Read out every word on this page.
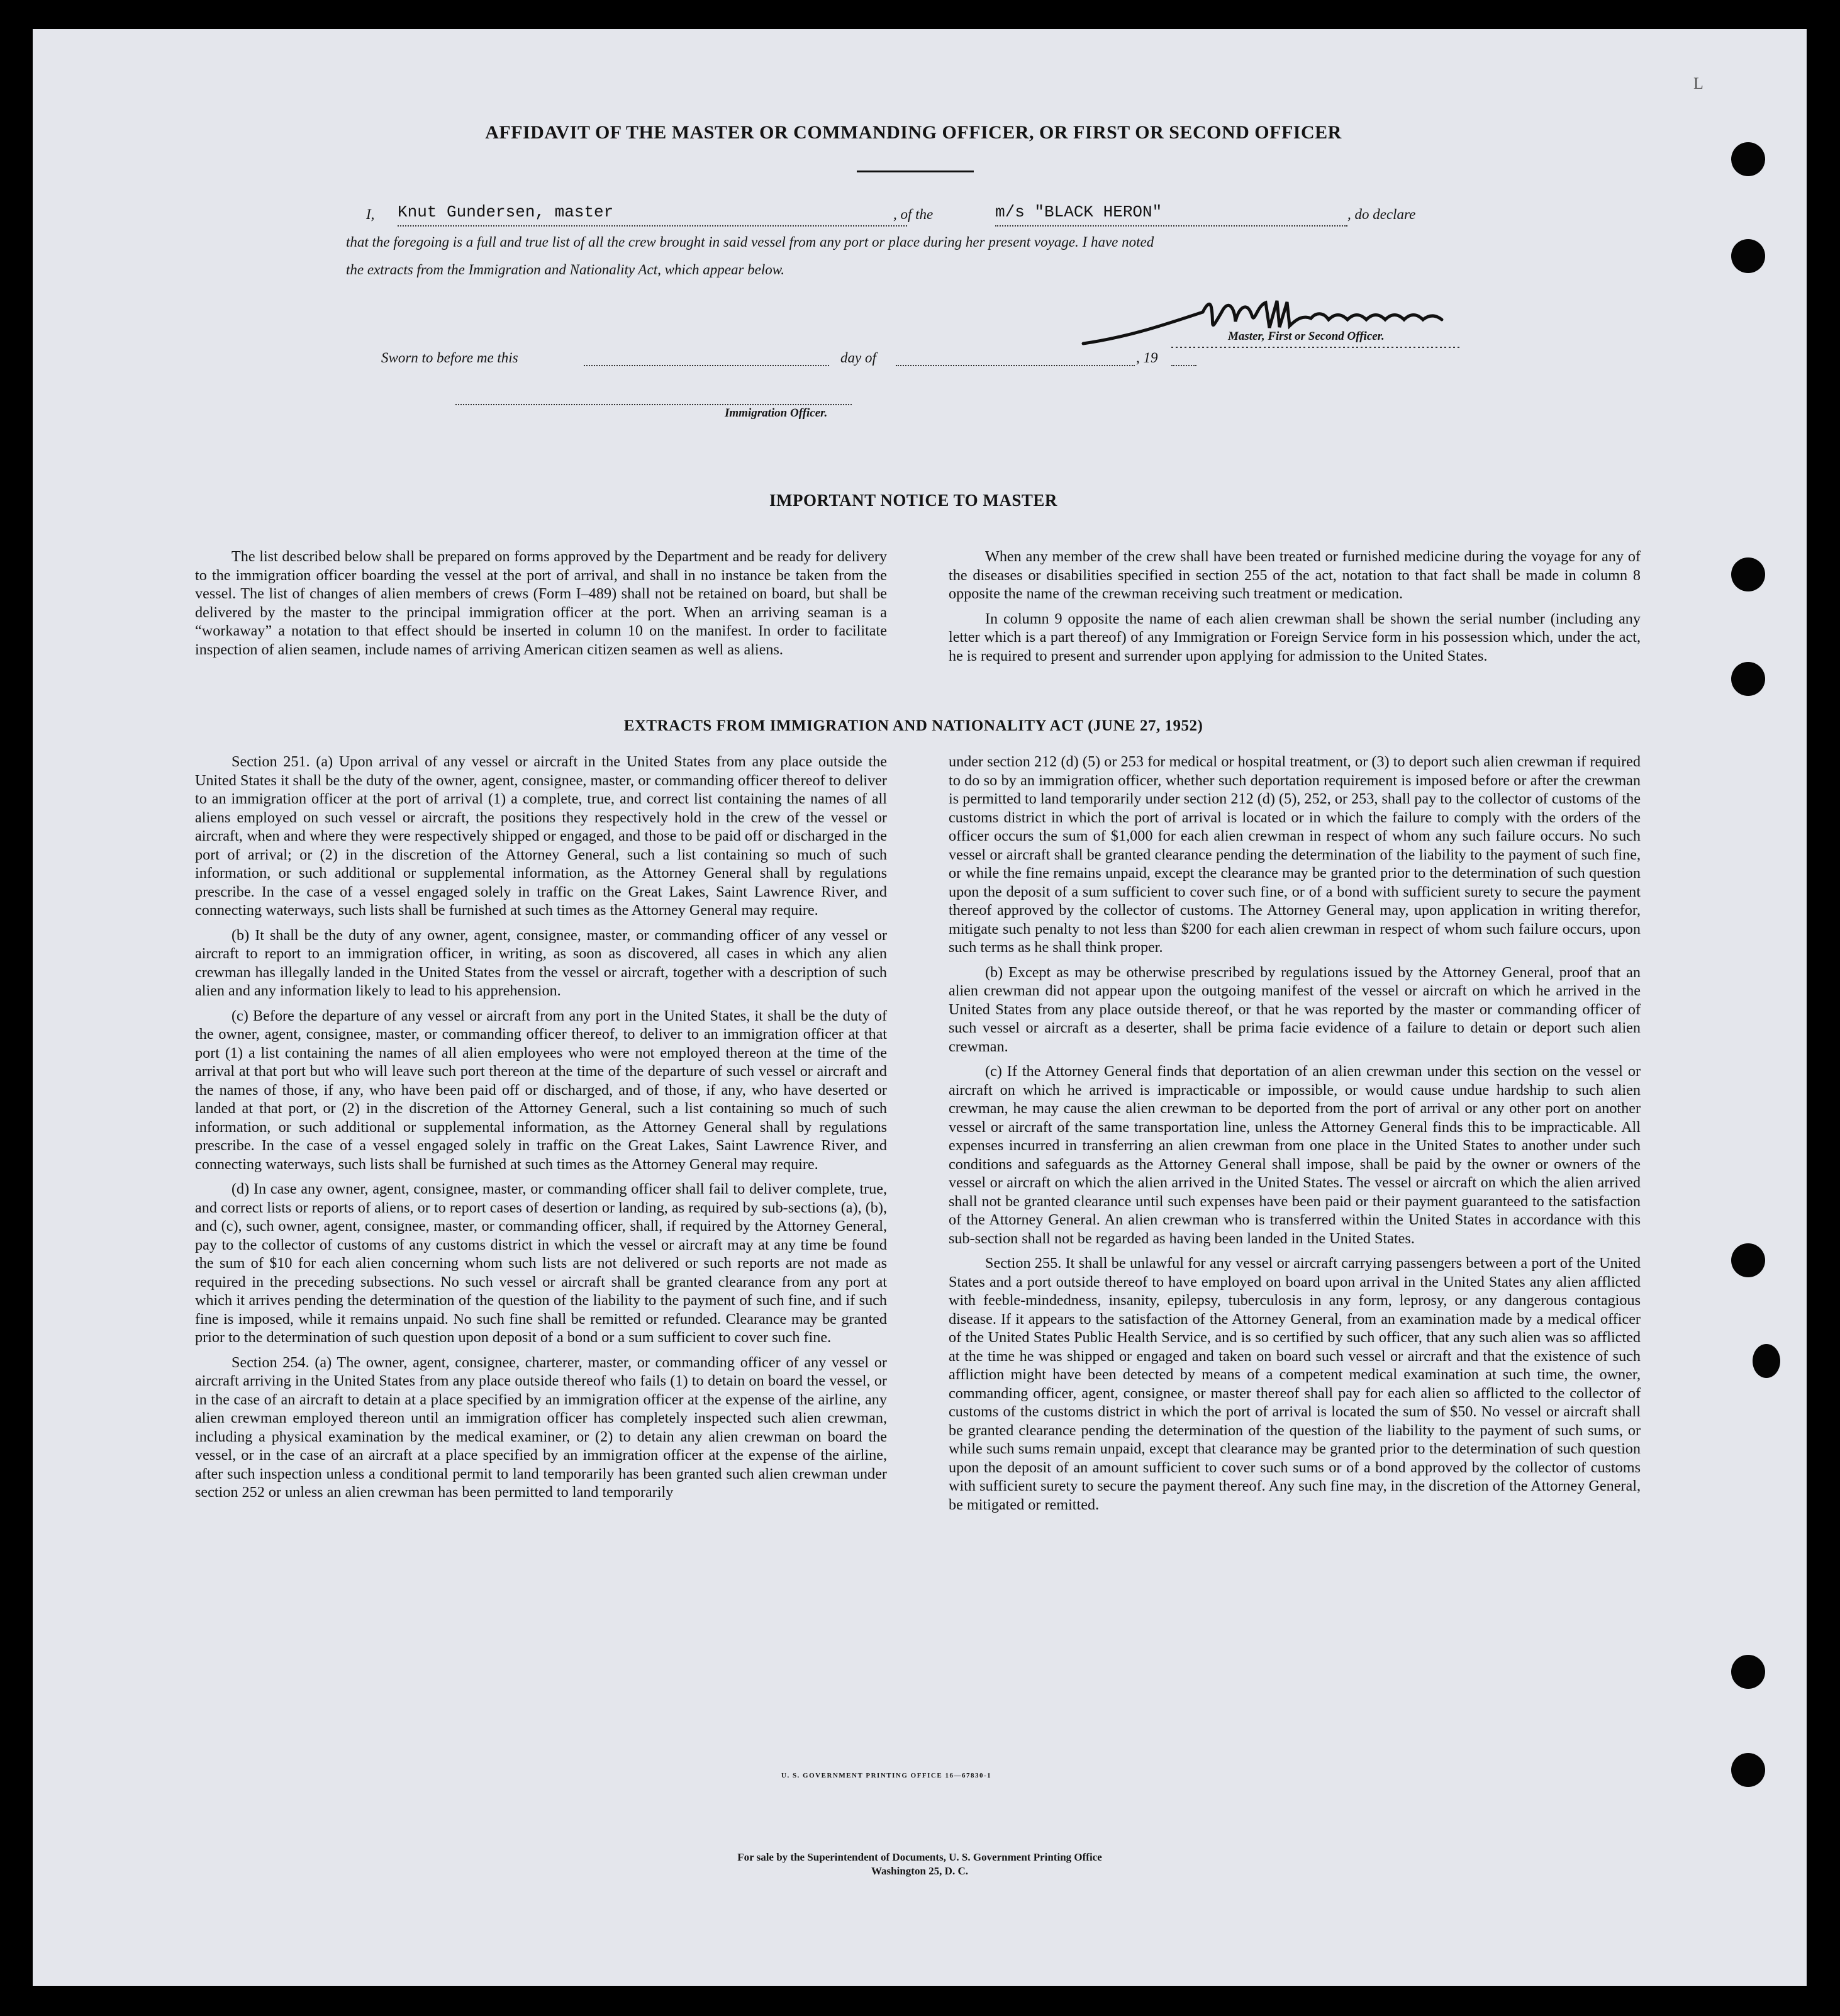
L
AFFIDAVIT OF THE MASTER OR COMMANDING OFFICER, OR FIRST OR SECOND OFFICER
I, Knut Gundersen, master	, of the	m/s "BLACK HERON"	, do declare
that the foregoing is a full and true list of all the crew brought in said vessel from any port or place during her present voyage. I have noted
the extracts from the Immigration and Nationality Act, which appear below.
Master, First or Second Officer.
Sworn to before me this	day of	, 19
Immigration Officer.
IMPORTANT NOTICE TO MASTER

The list described below shall be prepared on forms approved by the Department and be ready for delivery to the immigration officer boarding the vessel at the port of arrival, and shall in no instance be taken from the vessel. The list of changes of alien members of crews (Form I–489) shall not be retained on board, but shall be delivered by the master to the principal immigration officer at the port. When an arriving seaman is a “workaway” a notation to that effect should be inserted in column 10 on the manifest. In order to facilitate inspection of alien seamen, include names of arriving American citizen seamen as well as aliens.

When any member of the crew shall have been treated or furnished medicine during the voyage for any of the diseases or disabilities specified in section 255 of the act, notation to that fact shall be made in column 8 opposite the name of the crewman receiving such treatment or medication.

In column 9 opposite the name of each alien crewman shall be shown the serial number (including any letter which is a part thereof) of any Immigration or Foreign Service form in his possession which, under the act, he is required to present and surrender upon applying for admission to the United States.

EXTRACTS FROM IMMIGRATION AND NATIONALITY ACT (JUNE 27, 1952)

Section 251. (a) Upon arrival of any vessel or aircraft in the United States from any place outside the United States it shall be the duty of the owner, agent, consignee, master, or commanding officer thereof to deliver to an immigration officer at the port of arrival (1) a complete, true, and correct list containing the names of all aliens employed on such vessel or aircraft, the positions they respectively hold in the crew of the vessel or aircraft, when and where they were respectively shipped or engaged, and those to be paid off or discharged in the port of arrival; or (2) in the discretion of the Attorney General, such a list containing so much of such information, or such additional or supplemental information, as the Attorney General shall by regulations prescribe. In the case of a vessel engaged solely in traffic on the Great Lakes, Saint Lawrence River, and connecting waterways, such lists shall be furnished at such times as the Attorney General may require.

(b) It shall be the duty of any owner, agent, consignee, master, or commanding officer of any vessel or aircraft to report to an immigration officer, in writing, as soon as discovered, all cases in which any alien crewman has illegally landed in the United States from the vessel or aircraft, together with a description of such alien and any information likely to lead to his apprehension.

(c) Before the departure of any vessel or aircraft from any port in the United States, it shall be the duty of the owner, agent, consignee, master, or commanding officer thereof, to deliver to an immigration officer at that port (1) a list containing the names of all alien employees who were not employed thereon at the time of the arrival at that port but who will leave such port thereon at the time of the departure of such vessel or aircraft and the names of those, if any, who have been paid off or discharged, and of those, if any, who have deserted or landed at that port, or (2) in the discretion of the Attorney General, such a list containing so much of such information, or such additional or supplemental information, as the Attorney General shall by regulations prescribe. In the case of a vessel engaged solely in traffic on the Great Lakes, Saint Lawrence River, and connecting waterways, such lists shall be furnished at such times as the Attorney General may require.

(d) In case any owner, agent, consignee, master, or commanding officer shall fail to deliver complete, true, and correct lists or reports of aliens, or to report cases of desertion or landing, as required by sub-sections (a), (b), and (c), such owner, agent, consignee, master, or commanding officer, shall, if required by the Attorney General, pay to the collector of customs of any customs district in which the vessel or aircraft may at any time be found the sum of $10 for each alien concerning whom such lists are not delivered or such reports are not made as required in the preceding subsections. No such vessel or aircraft shall be granted clearance from any port at which it arrives pending the determination of the question of the liability to the payment of such fine, and if such fine is imposed, while it remains unpaid. No such fine shall be remitted or refunded. Clearance may be granted prior to the determination of such question upon deposit of a bond or a sum sufficient to cover such fine.

Section 254. (a) The owner, agent, consignee, charterer, master, or commanding officer of any vessel or aircraft arriving in the United States from any place outside thereof who fails (1) to detain on board the vessel, or in the case of an aircraft to detain at a place specified by an immigration officer at the expense of the airline, any alien crewman employed thereon until an immigration officer has completely inspected such alien crewman, including a physical examination by the medical examiner, or (2) to detain any alien crewman on board the vessel, or in the case of an aircraft at a place specified by an immigration officer at the expense of the airline, after such inspection unless a conditional permit to land temporarily has been granted such alien crewman under section 252 or unless an alien crewman has been permitted to land temporarily

under section 212 (d) (5) or 253 for medical or hospital treatment, or (3) to deport such alien crewman if required to do so by an immigration officer, whether such deportation requirement is imposed before or after the crewman is permitted to land temporarily under section 212 (d) (5), 252, or 253, shall pay to the collector of customs of the customs district in which the port of arrival is located or in which the failure to comply with the orders of the officer occurs the sum of $1,000 for each alien crewman in respect of whom any such failure occurs. No such vessel or aircraft shall be granted clearance pending the determination of the liability to the payment of such fine, or while the fine remains unpaid, except the clearance may be granted prior to the determination of such question upon the deposit of a sum sufficient to cover such fine, or of a bond with sufficient surety to secure the payment thereof approved by the collector of customs. The Attorney General may, upon application in writing therefor, mitigate such penalty to not less than $200 for each alien crewman in respect of whom such failure occurs, upon such terms as he shall think proper.

(b) Except as may be otherwise prescribed by regulations issued by the Attorney General, proof that an alien crewman did not appear upon the outgoing manifest of the vessel or aircraft on which he arrived in the United States from any place outside thereof, or that he was reported by the master or commanding officer of such vessel or aircraft as a deserter, shall be prima facie evidence of a failure to detain or deport such alien crewman.

(c) If the Attorney General finds that deportation of an alien crewman under this section on the vessel or aircraft on which he arrived is impracticable or impossible, or would cause undue hardship to such alien crewman, he may cause the alien crewman to be deported from the port of arrival or any other port on another vessel or aircraft of the same transportation line, unless the Attorney General finds this to be impracticable. All expenses incurred in transferring an alien crewman from one place in the United States to another under such conditions and safeguards as the Attorney General shall impose, shall be paid by the owner or owners of the vessel or aircraft on which the alien arrived in the United States. The vessel or aircraft on which the alien arrived shall not be granted clearance until such expenses have been paid or their payment guaranteed to the satisfaction of the Attorney General. An alien crewman who is transferred within the United States in accordance with this sub-section shall not be regarded as having been landed in the United States.

Section 255. It shall be unlawful for any vessel or aircraft carrying passengers between a port of the United States and a port outside thereof to have employed on board upon arrival in the United States any alien afflicted with feeble-mindedness, insanity, epilepsy, tuberculosis in any form, leprosy, or any dangerous contagious disease. If it appears to the satisfaction of the Attorney General, from an examination made by a medical officer of the United States Public Health Service, and is so certified by such officer, that any such alien was so afflicted at the time he was shipped or engaged and taken on board such vessel or aircraft and that the existence of such affliction might have been detected by means of a competent medical examination at such time, the owner, commanding officer, agent, consignee, or master thereof shall pay for each alien so afflicted to the collector of customs of the customs district in which the port of arrival is located the sum of $50. No vessel or aircraft shall be granted clearance pending the determination of the question of the liability to the payment of such sums, or while such sums remain unpaid, except that clearance may be granted prior to the determination of such question upon the deposit of an amount sufficient to cover such sums or of a bond approved by the collector of customs with sufficient surety to secure the payment thereof. Any such fine may, in the discretion of the Attorney General, be mitigated or remitted.

U. S. GOVERNMENT PRINTING OFFICE 16—67830-1
For sale by the Superintendent of Documents, U. S. Government Printing Office
Washington 25, D. C.
